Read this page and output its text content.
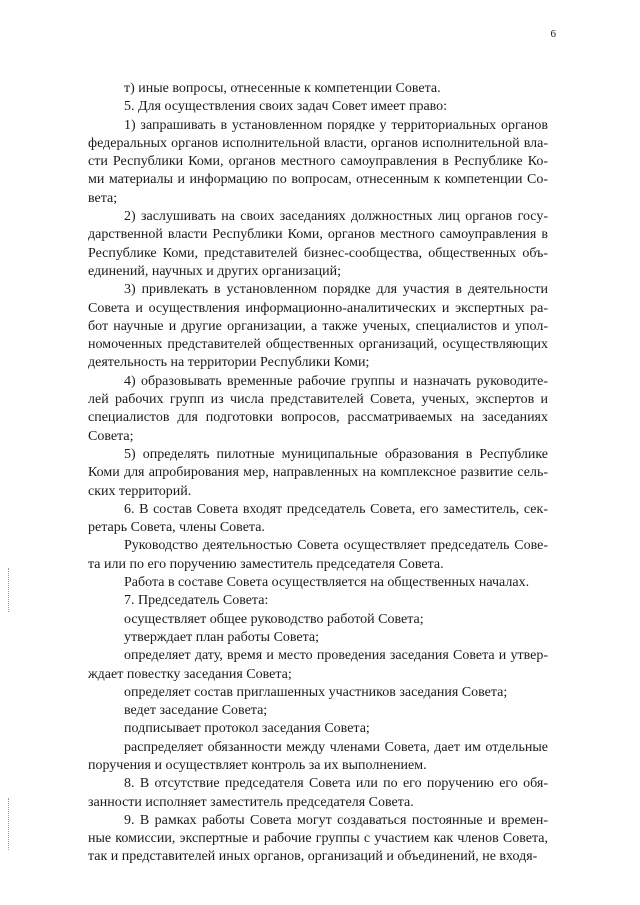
6

т) иные вопросы, отнесенные к компетенции Совета.

5. Для осуществления своих задач Совет имеет право:

1) запрашивать в установленном порядке у территориальных органов
федеральных органов исполнительной власти, органов исполнительной вла-
сти Республики Коми, органов местного самоуправления в Республике Ко-
ми материалы и информацию по вопросам, отнесенным к компетенции Со-
вета;

2) заслушивать на своих заседаниях должностных лиц органов госу-
дарственной власти Республики Коми, органов местного самоуправления в
Республике Коми, представителей бизнес-сообщества, общественных объ-
единений, научных и других организаций;

3) привлекать в установленном порядке для участия в деятельности
Совета и осуществления информационно-аналитических и экспертных ра-
бот научные и другие организации, а также ученых, специалистов и упол-
номоченных представителей общественных организаций, осуществляющих
деятельность на территории Республики Коми;

4) образовывать временные рабочие группы и назначать руководите-
лей рабочих групп из числа представителей Совета, ученых, экспертов и
специалистов для подготовки вопросов, рассматриваемых на заседаниях
Совета;

5) определять пилотные муниципальные образования в Республике
Коми для апробирования мер, направленных на комплексное развитие сель-
ских территорий.

6. В состав Совета входят председатель Совета, его заместитель, сек-
ретарь Совета, члены Совета.

Руководство деятельностью Совета осуществляет председатель Сове-
та или по его поручению заместитель председателя Совета.

Работа в составе Совета осуществляется на общественных началах.

7. Председатель Совета:

осуществляет общее руководство работой Совета;

утверждает план работы Совета;

определяет дату, время и место проведения заседания Совета и утвер-
ждает повестку заседания Совета;

определяет состав приглашенных участников заседания Совета;

ведет заседание Совета;

подписывает протокол заседания Совета;

распределяет обязанности между членами Совета, дает им отдельные
поручения и осуществляет контроль за их выполнением.

8. В отсутствие председателя Совета или по его поручению его обя-
занности исполняет заместитель председателя Совета.

9. В рамках работы Совета могут создаваться постоянные и времен-
ные комиссии, экспертные и рабочие группы с участием как членов Совета,
так и представителей иных органов, организаций и объединений, не входя-
